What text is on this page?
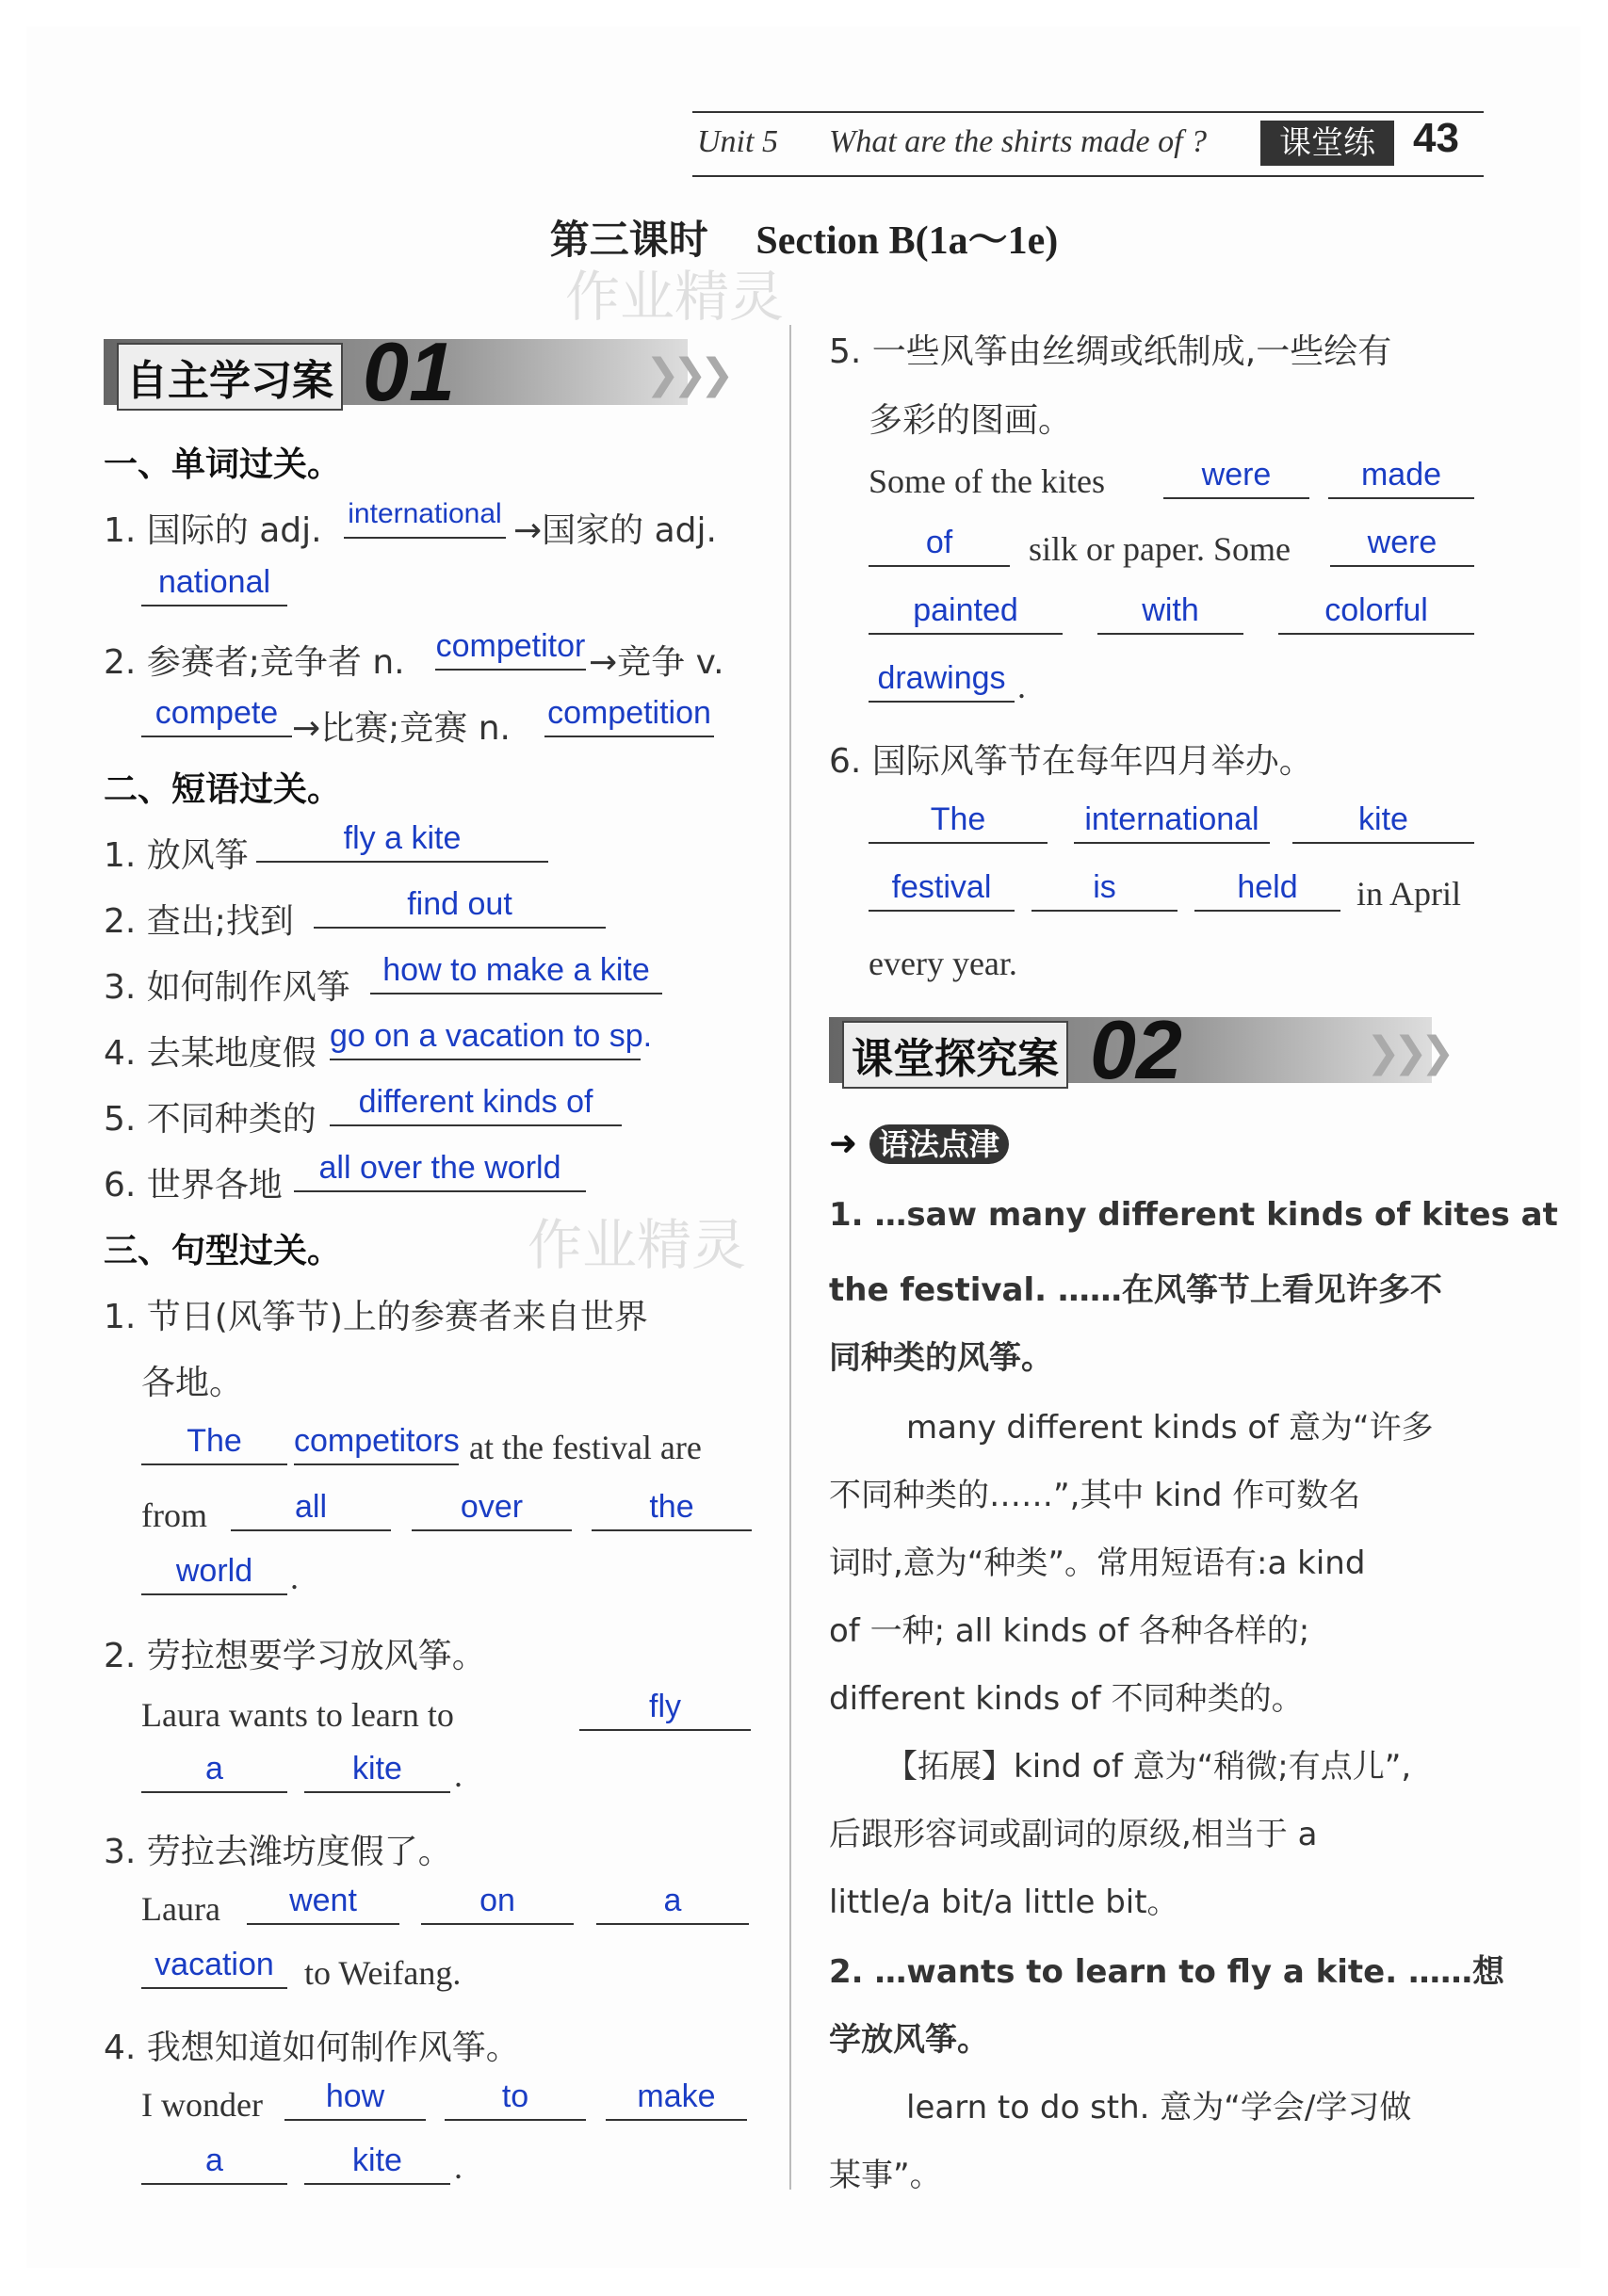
Unit 5 What are the shirts made of ?	课堂练 43
第三课时 Section B(1a～1e)
作业精灵
作业精灵
自主学习案 01	❯❯❯
一、单词过关。
1. 国际的 adj. international →国家的 adj.
national
2. 参赛者;竞争者 n. competitor →竞争 v.
compete →比赛;竞赛 n. competition
二、短语过关。
1. 放风筝	fly a kite
2. 查出;找到	find out
3. 如何制作风筝	how to make a kite
4. 去某地度假 go on a vacation to sp.
5. 不同种类的	different kinds of
6. 世界各地	all over the world
三、句型过关。
1. 节日(风筝节)上的参赛者来自世界
各地。
The	competitors at the festival are
from	all	over	the
world	.
2. 劳拉想要学习放风筝。
Laura wants to learn to	fly
a	kite	.
3. 劳拉去潍坊度假了。
Laura	went	on	a
vacation to Weifang.
4. 我想知道如何制作风筝。
I wonder	how	to	make
a	kite	.
5. 一些风筝由丝绸或纸制成,一些绘有
多彩的图画。
Some of the kites	were	made
of	silk or paper. Some	were
painted	with	colorful
drawings .
6. 国际风筝节在每年四月举办。
The	international	kite
festival	is	held	in April
every year.
课堂探究案 02	❯❯❯
➜ 语法点津
1. …saw many different kinds of kites at
the festival. ……在风筝节上看见许多不
同种类的风筝。
many different kinds of 意为“许多
不同种类的……”,其中 kind 作可数名
词时,意为“种类”。常用短语有:a kind
of 一种; all kinds of 各种各样的;
different kinds of 不同种类的。
【拓展】kind of 意为“稍微;有点儿”,
后跟形容词或副词的原级,相当于 a
little/a bit/a little bit。
2. …wants to learn to fly a kite. ……想
学放风筝。
learn to do sth. 意为“学会/学习做
某事”。
